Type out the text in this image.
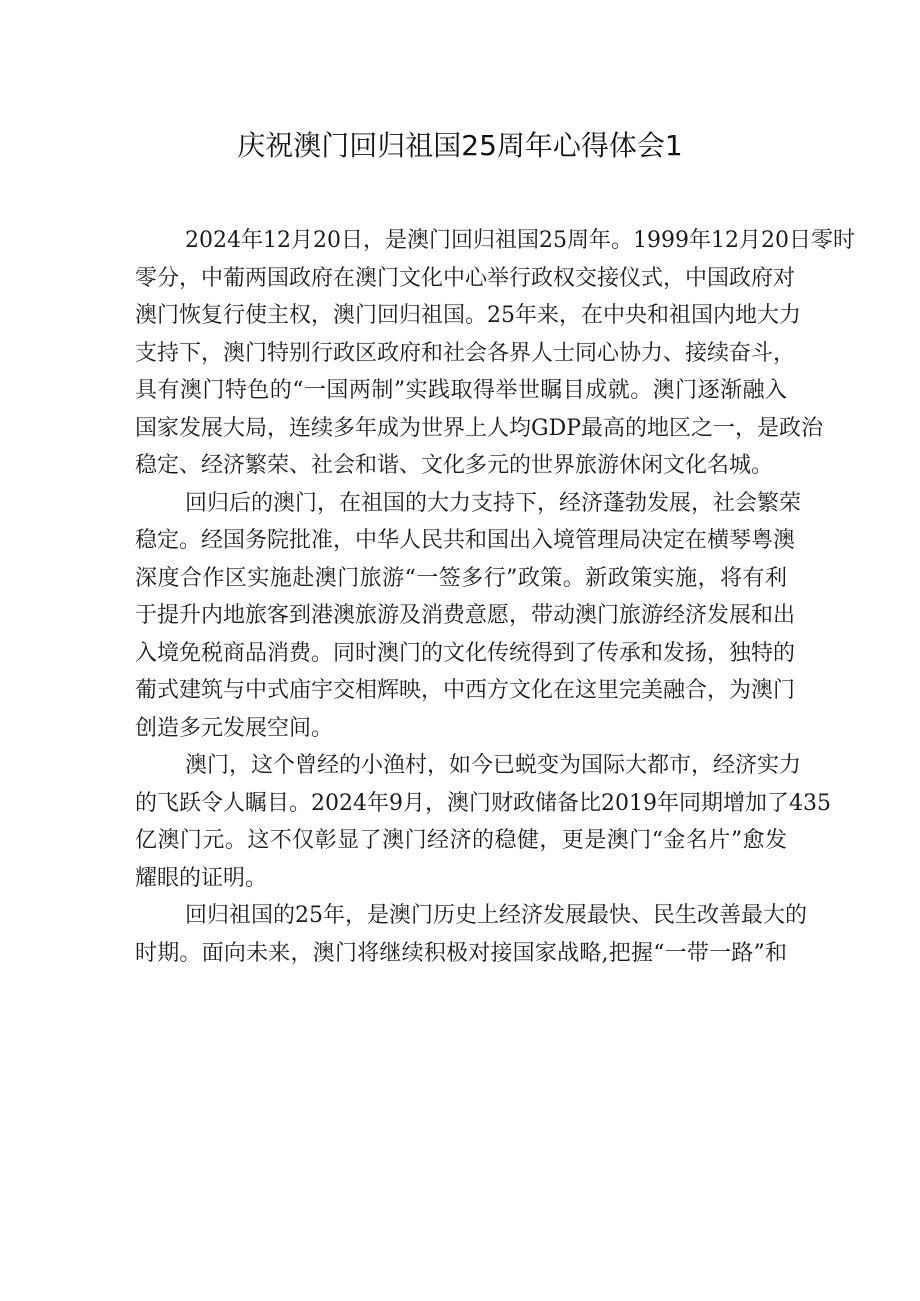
庆祝澳门回归祖国25周年心得体会1
2024年12月20日，是澳门回归祖国25周年。1999年12月20日零时
零分，中葡两国政府在澳门文化中心举行政权交接仪式，中国政府对
澳门恢复行使主权，澳门回归祖国。25年来，在中央和祖国内地大力
支持下，澳门特别行政区政府和社会各界人士同心协力、接续奋斗，
具有澳门特色的“一国两制”实践取得举世瞩目成就。澳门逐渐融入
国家发展大局，连续多年成为世界上人均GDP最高的地区之一，是政治
稳定、经济繁荣、社会和谐、文化多元的世界旅游休闲文化名城。
回归后的澳门，在祖国的大力支持下，经济蓬勃发展，社会繁荣
稳定。经国务院批准，中华人民共和国出入境管理局决定在横琴粤澳
深度合作区实施赴澳门旅游“一签多行”政策。新政策实施，将有利
于提升内地旅客到港澳旅游及消费意愿，带动澳门旅游经济发展和出
入境免税商品消费。同时澳门的文化传统得到了传承和发扬，独特的
葡式建筑与中式庙宇交相辉映，中西方文化在这里完美融合，为澳门
创造多元发展空间。
澳门，这个曾经的小渔村，如今已蜕变为国际大都市，经济实力
的飞跃令人瞩目。2024年9月，澳门财政储备比2019年同期增加了435
亿澳门元。这不仅彰显了澳门经济的稳健，更是澳门“金名片”愈发
耀眼的证明。
回归祖国的25年，是澳门历史上经济发展最快、民生改善最大的
时期。面向未来，澳门将继续积极对接国家战略,把握“一带一路”和
